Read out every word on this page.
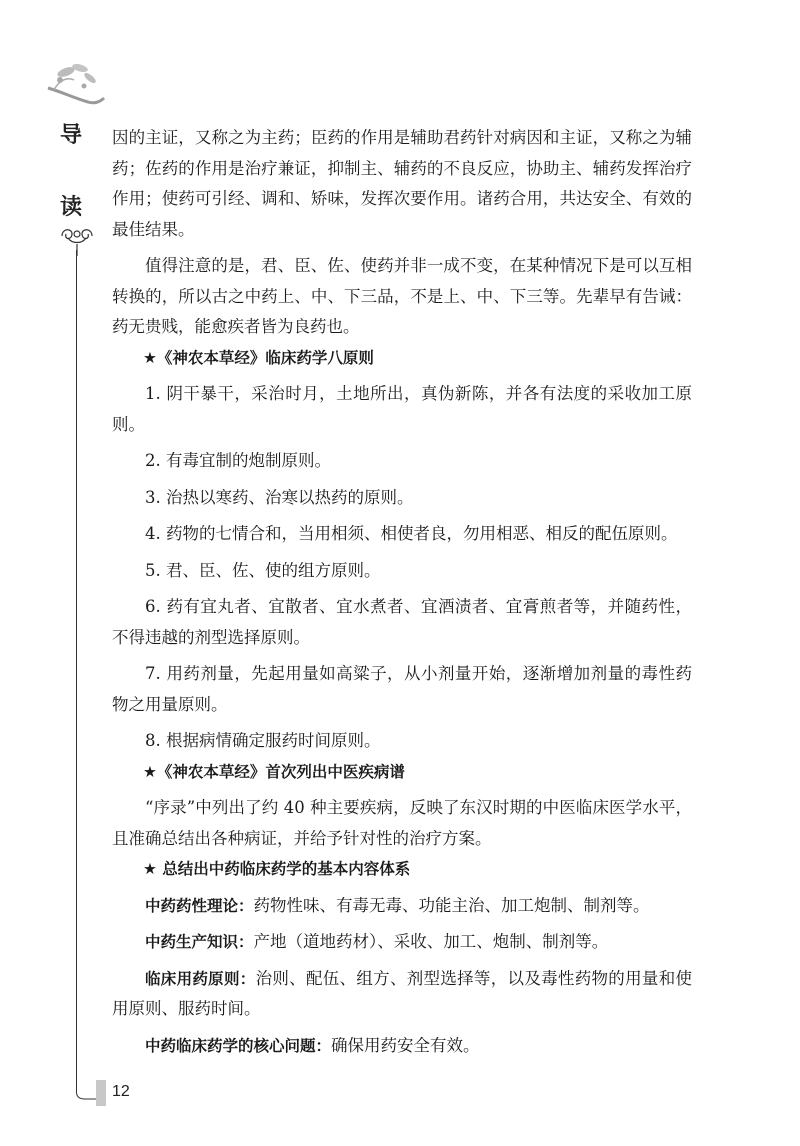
导
读
12

因的主证，又称之为主药；臣药的作用是辅助君药针对病因和主证，又称之为辅药；佐药的作用是治疗兼证，抑制主、辅药的不良反应，协助主、辅药发挥治疗作用；使药可引经、调和、矫味，发挥次要作用。诸药合用，共达安全、有效的最佳结果。

值得注意的是，君、臣、佐、使药并非一成不变，在某种情况下是可以互相转换的，所以古之中药上、中、下三品，不是上、中、下三等。先辈早有告诫：药无贵贱，能愈疾者皆为良药也。

★《神农本草经》临床药学八原则

1. 阴干暴干，采治时月，土地所出，真伪新陈，并各有法度的采收加工原则。

2. 有毒宜制的炮制原则。

3. 治热以寒药、治寒以热药的原则。

4. 药物的七情合和，当用相须、相使者良，勿用相恶、相反的配伍原则。

5. 君、臣、佐、使的组方原则。

6. 药有宜丸者、宜散者、宜水煮者、宜酒渍者、宜膏煎者等，并随药性，不得违越的剂型选择原则。

7. 用药剂量，先起用量如高粱子，从小剂量开始，逐渐增加剂量的毒性药物之用量原则。

8. 根据病情确定服药时间原则。

★《神农本草经》首次列出中医疾病谱

“序录”中列出了约 40 种主要疾病，反映了东汉时期的中医临床医学水平，且准确总结出各种病证，并给予针对性的治疗方案。

★ 总结出中药临床药学的基本内容体系

中药药性理论：药物性味、有毒无毒、功能主治、加工炮制、制剂等。

中药生产知识：产地（道地药材）、采收、加工、炮制、制剂等。

临床用药原则：治则、配伍、组方、剂型选择等，以及毒性药物的用量和使用原则、服药时间。

中药临床药学的核心问题：确保用药安全有效。
